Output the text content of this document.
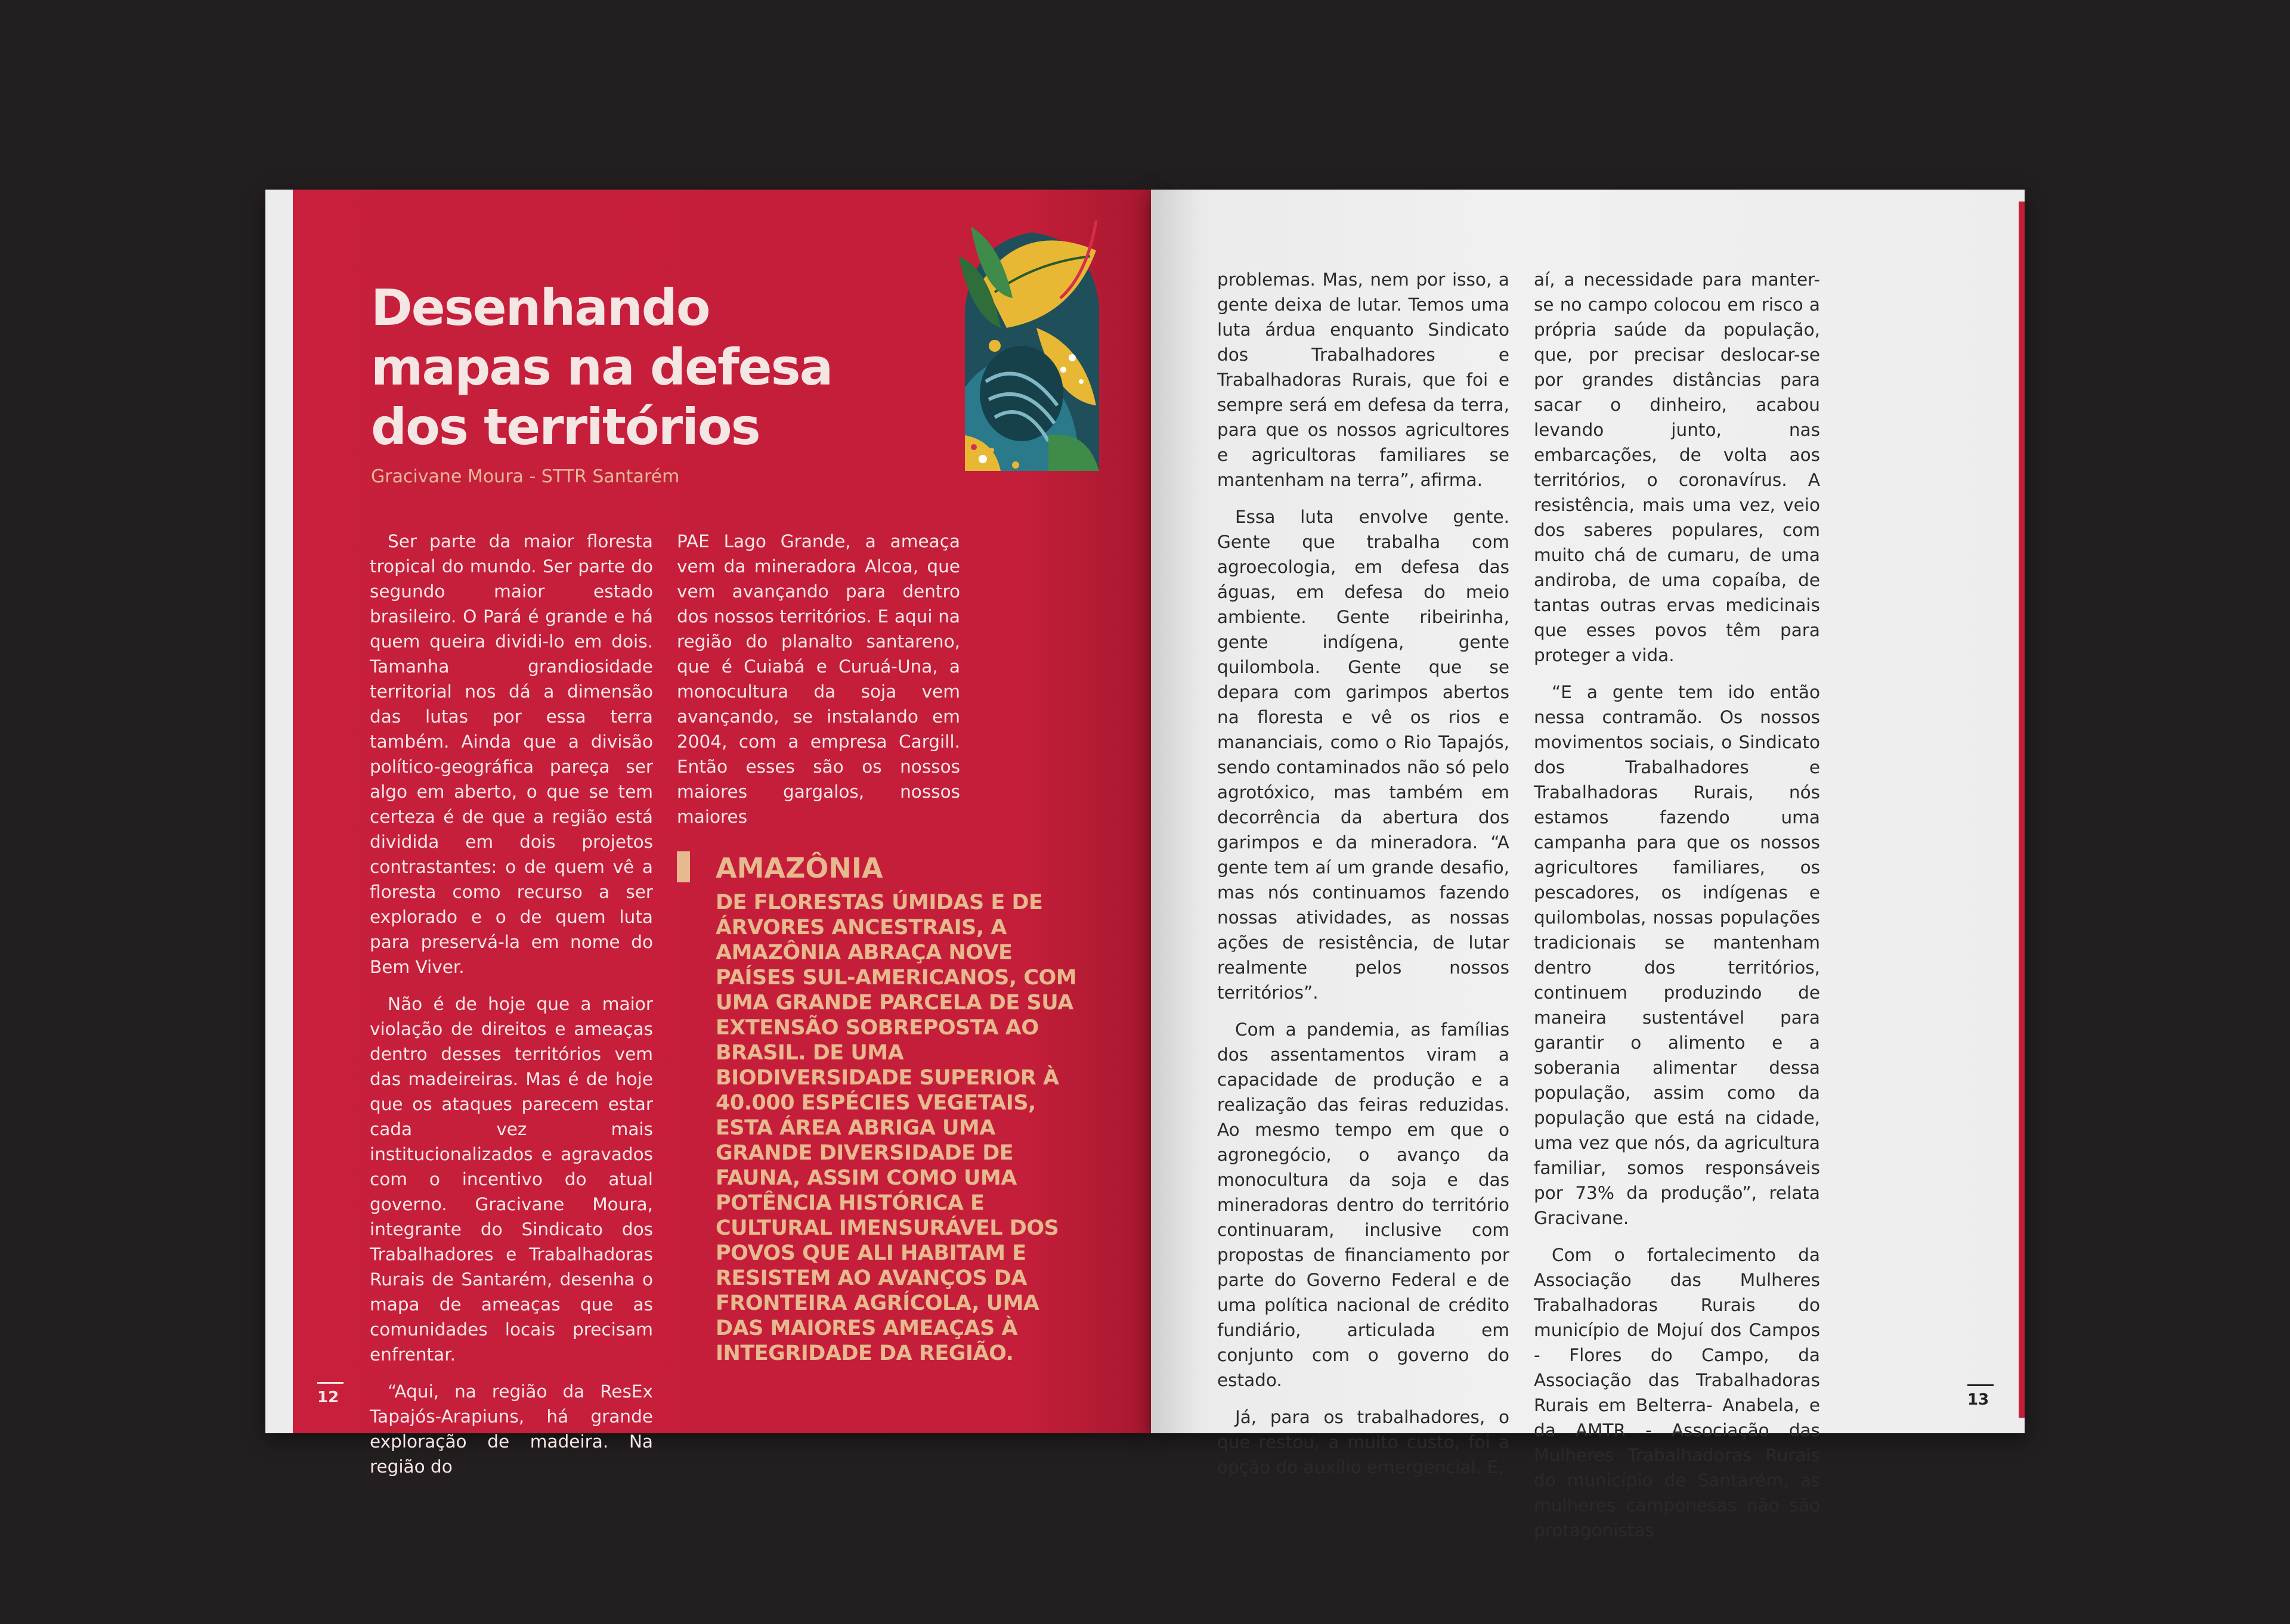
Desenhando
mapas na defesa
dos territórios
Gracivane Moura - STTR Santarém

Ser parte da maior floresta tropical do mundo. Ser parte do segundo maior estado brasileiro. O Pará é grande e há quem queira dividi-lo em dois. Tamanha grandiosidade territorial nos dá a dimensão das lutas por essa terra também. Ainda que a divisão político-geográfica pareça ser algo em aberto, o que se tem certeza é de que a região está dividida em dois projetos contrastantes: o de quem vê a floresta como recurso a ser explorado e o de quem luta para preservá-la em nome do Bem Viver.

Não é de hoje que a maior violação de direitos e ameaças dentro desses territórios vem das madeireiras. Mas é de hoje que os ataques parecem estar cada vez mais institucionalizados e agravados com o incentivo do atual governo. Gracivane Moura, integrante do Sindicato dos Trabalhadores e Trabalhadoras Rurais de Santarém, desenha o mapa de ameaças que as comunidades locais precisam enfrentar.

“Aqui, na região da ResEx Tapajós-Arapiuns, há grande exploração de madeira. Na região do

PAE Lago Grande, a ameaça vem da mineradora Alcoa, que vem avançando para dentro dos nossos territórios. E aqui na região do planalto santareno, que é Cuiabá e Curuá-Una, a monocultura da soja vem avançando, se instalando em 2004, com a empresa Cargill. Então esses são os nossos maiores gargalos, nossos maiores

AMAZÔNIA
DE FLORESTAS ÚMIDAS E DE ÁRVORES ANCESTRAIS, A AMAZÔNIA ABRAÇA NOVE PAÍSES SUL-AMERICANOS, COM UMA GRANDE PARCELA DE SUA EXTENSÃO SOBREPOSTA AO BRASIL. DE UMA BIODIVERSIDADE SUPERIOR À 40.000 ESPÉCIES VEGETAIS, ESTA ÁREA ABRIGA UMA GRANDE DIVERSIDADE DE FAUNA, ASSIM COMO UMA POTÊNCIA HISTÓRICA E CULTURAL IMENSURÁVEL DOS POVOS QUE ALI HABITAM E RESISTEM AO AVANÇOS DA FRONTEIRA AGRÍCOLA, UMA DAS MAIORES AMEAÇAS À INTEGRIDADE DA REGIÃO.
12

problemas. Mas, nem por isso, a gente deixa de lutar. Temos uma luta árdua enquanto Sindicato dos Trabalhadores e Trabalhadoras Rurais, que foi e sempre será em defesa da terra, para que os nossos agricultores e agricultoras familiares se mantenham na terra”, afirma.

Essa luta envolve gente. Gente que trabalha com agroecologia, em defesa das águas, em defesa do meio ambiente. Gente ribeirinha, gente indígena, gente quilombola. Gente que se depara com garimpos abertos na floresta e vê os rios e mananciais, como o Rio Tapajós, sendo contaminados não só pelo agrotóxico, mas também em decorrência da abertura dos garimpos e da mineradora. “A gente tem aí um grande desafio, mas nós continuamos fazendo nossas atividades, as nossas ações de resistência, de lutar realmente pelos nossos territórios”.

Com a pandemia, as famílias dos assentamentos viram a capacidade de produção e a realização das feiras reduzidas. Ao mesmo tempo em que o agronegócio, o avanço da monocultura da soja e das mineradoras dentro do território continuaram, inclusive com propostas de financiamento por parte do Governo Federal e de uma política nacional de crédito fundiário, articulada em conjunto com o governo do estado.

Já, para os trabalhadores, o que restou, a muito custo, foi a opção do auxílio emergencial. E,

aí, a necessidade para manter-se no campo colocou em risco a própria saúde da população, que, por precisar deslocar-se por grandes distâncias para sacar o dinheiro, acabou levando junto, nas embarcações, de volta aos territórios, o coronavírus. A resistência, mais uma vez, veio dos saberes populares, com muito chá de cumaru, de uma andiroba, de uma copaíba, de tantas outras ervas medicinais que esses povos têm para proteger a vida.

“E a gente tem ido então nessa contramão. Os nossos movimentos sociais, o Sindicato dos Trabalhadores e Trabalhadoras Rurais, nós estamos fazendo uma campanha para que os nossos agricultores familiares, os pescadores, os indígenas e quilombolas, nossas populações tradicionais se mantenham dentro dos territórios, continuem produzindo de maneira sustentável para garantir o alimento e a soberania alimentar dessa população, assim como da população que está na cidade, uma vez que nós, da agricultura familiar, somos responsáveis por 73% da produção”, relata Gracivane.

Com o fortalecimento da Associação das Mulheres Trabalhadoras Rurais do município de Mojuí dos Campos - Flores do Campo, da Associação das Trabalhadoras Rurais em Belterra- Anabela, e da AMTR - Associação das Mulheres Trabalhadoras Rurais do município de Santarém, as mulheres camponesas não são protagonistas

13
